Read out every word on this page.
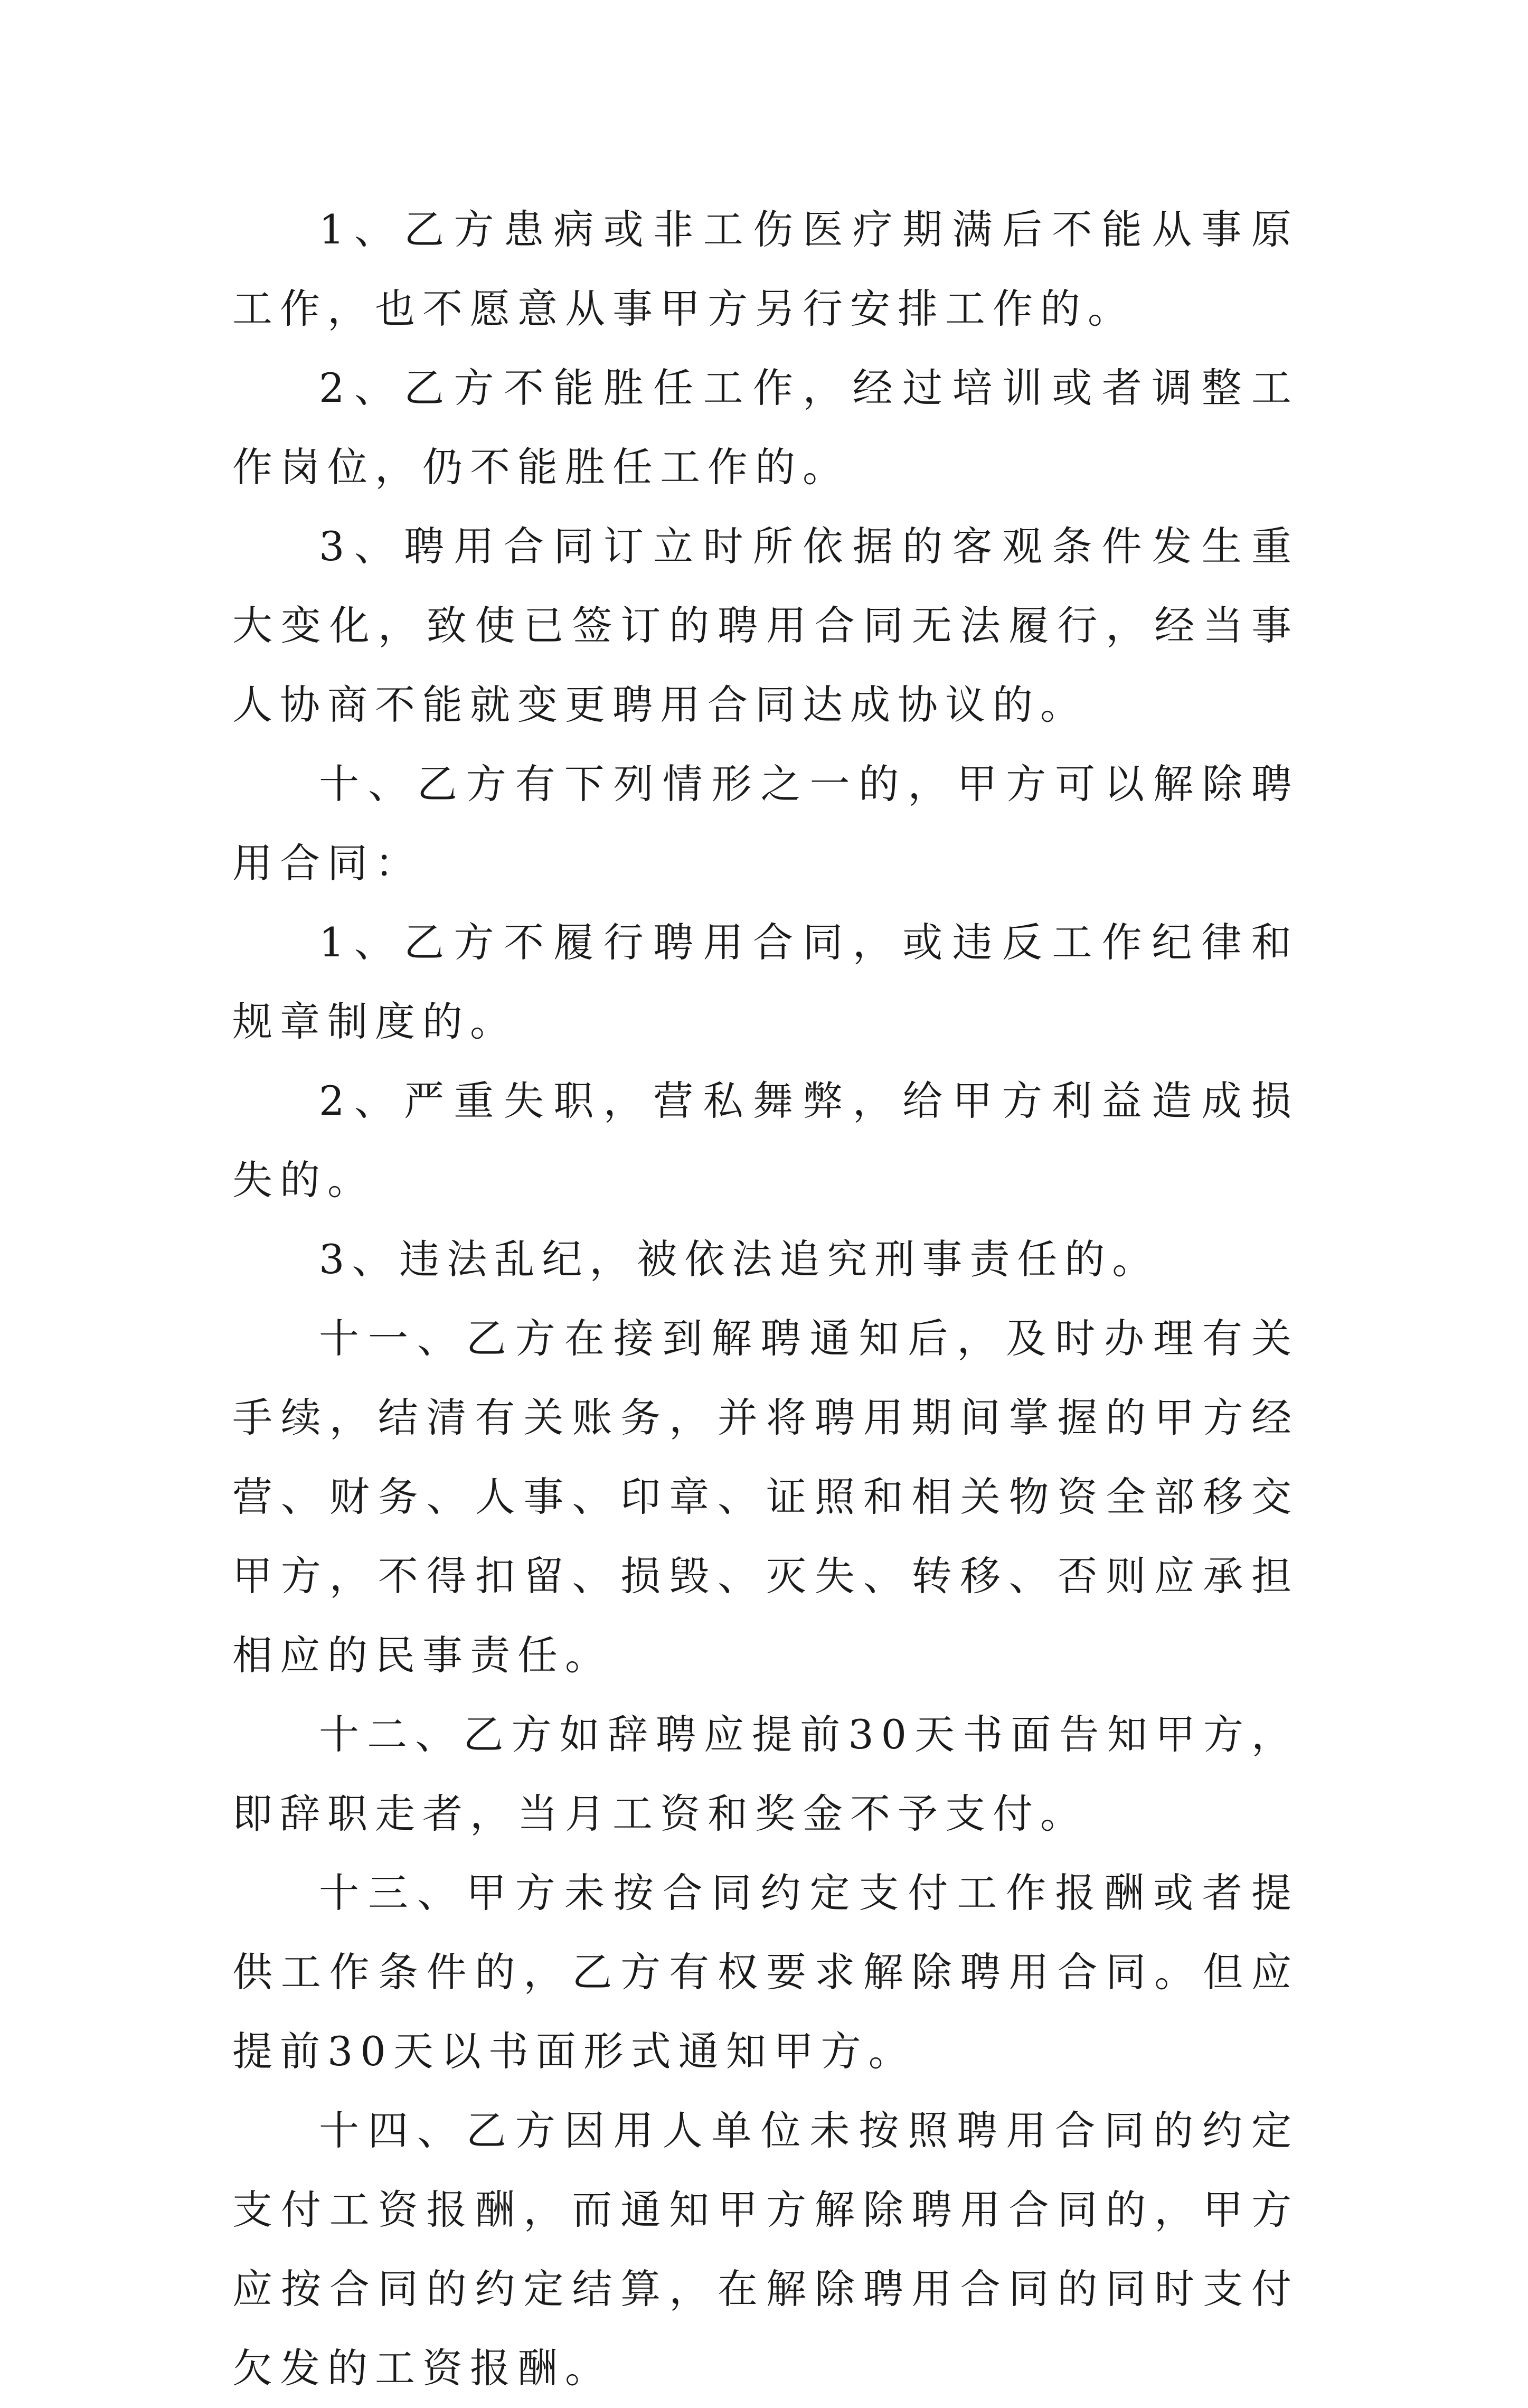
1、乙方患病或非工伤医疗期满后不能从事原工作，也不愿意从事甲方另行安排工作的。

2、乙方不能胜任工作，经过培训或者调整工作岗位，仍不能胜任工作的。

3、聘用合同订立时所依据的客观条件发生重大变化，致使已签订的聘用合同无法履行，经当事人协商不能就变更聘用合同达成协议的。

十、乙方有下列情形之一的，甲方可以解除聘用合同：

1、乙方不履行聘用合同，或违反工作纪律和规章制度的。

2、严重失职，营私舞弊，给甲方利益造成损失的。

3、违法乱纪，被依法追究刑事责任的。

十一、乙方在接到解聘通知后，及时办理有关手续，结清有关账务，并将聘用期间掌握的甲方经营、财务、人事、印章、证照和相关物资全部移交甲方，不得扣留、损毁、灭失、转移、否则应承担相应的民事责任。

十二、乙方如辞聘应提前30天书面告知甲方，即辞职走者，当月工资和奖金不予支付。

十三、甲方未按合同约定支付工作报酬或者提供工作条件的，乙方有权要求解除聘用合同。但应提前30天以书面形式通知甲方。

十四、乙方因用人单位未按照聘用合同的约定支付工资报酬，而通知甲方解除聘用合同的，甲方应按合同的约定结算，在解除聘用合同的同时支付欠发的工资报酬。
